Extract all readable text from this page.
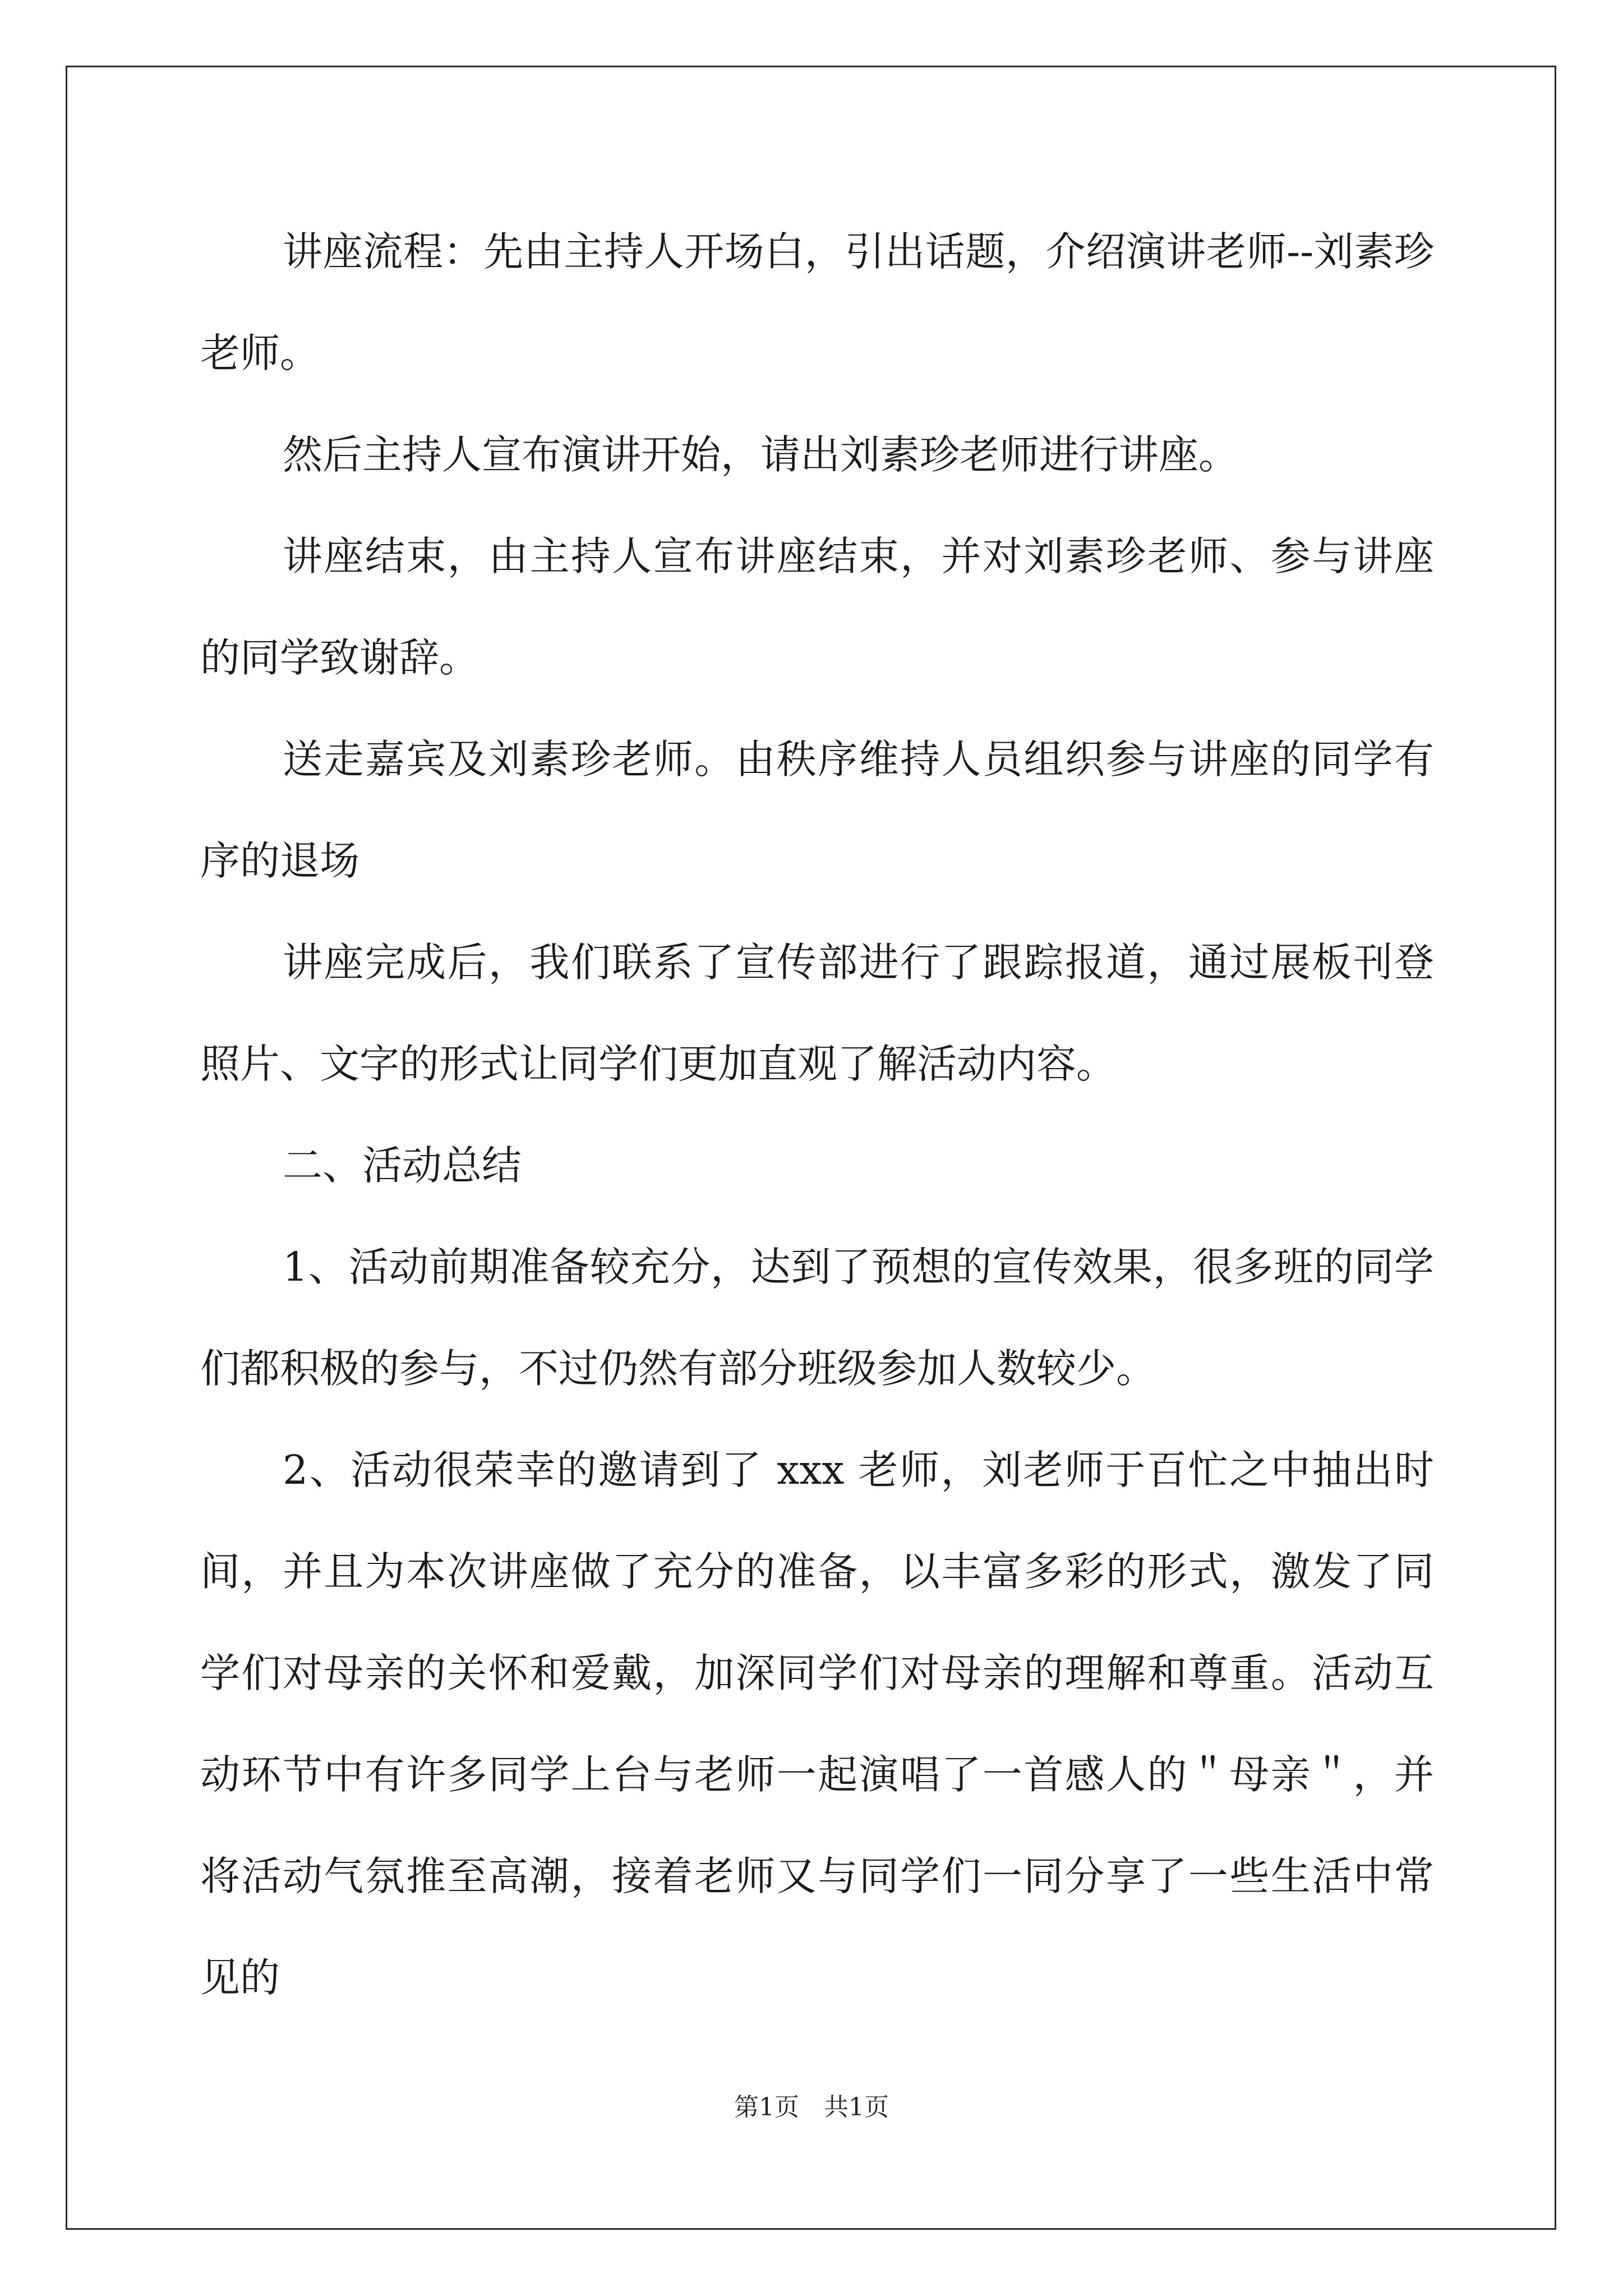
讲座流程：先由主持人开场白，引出话题，介绍演讲老师--刘素珍老师。

然后主持人宣布演讲开始，请出刘素珍老师进行讲座。

讲座结束，由主持人宣布讲座结束，并对刘素珍老师、参与讲座的同学致谢辞。

送走嘉宾及刘素珍老师。由秩序维持人员组织参与讲座的同学有序的退场

讲座完成后，我们联系了宣传部进行了跟踪报道，通过展板刊登照片、文字的形式让同学们更加直观了解活动内容。

二、活动总结

1、活动前期准备较充分，达到了预想的宣传效果，很多班的同学们都积极的参与，不过仍然有部分班级参加人数较少。

2、活动很荣幸的邀请到了 xxx 老师，刘老师于百忙之中抽出时间，并且为本次讲座做了充分的准备，以丰富多彩的形式，激发了同学们对母亲的关怀和爱戴，加深同学们对母亲的理解和尊重。活动互动环节中有许多同学上台与老师一起演唱了一首感人的＂母亲＂，并将活动气氛推至高潮，接着老师又与同学们一同分享了一些生活中常见的

第1页　共1页
